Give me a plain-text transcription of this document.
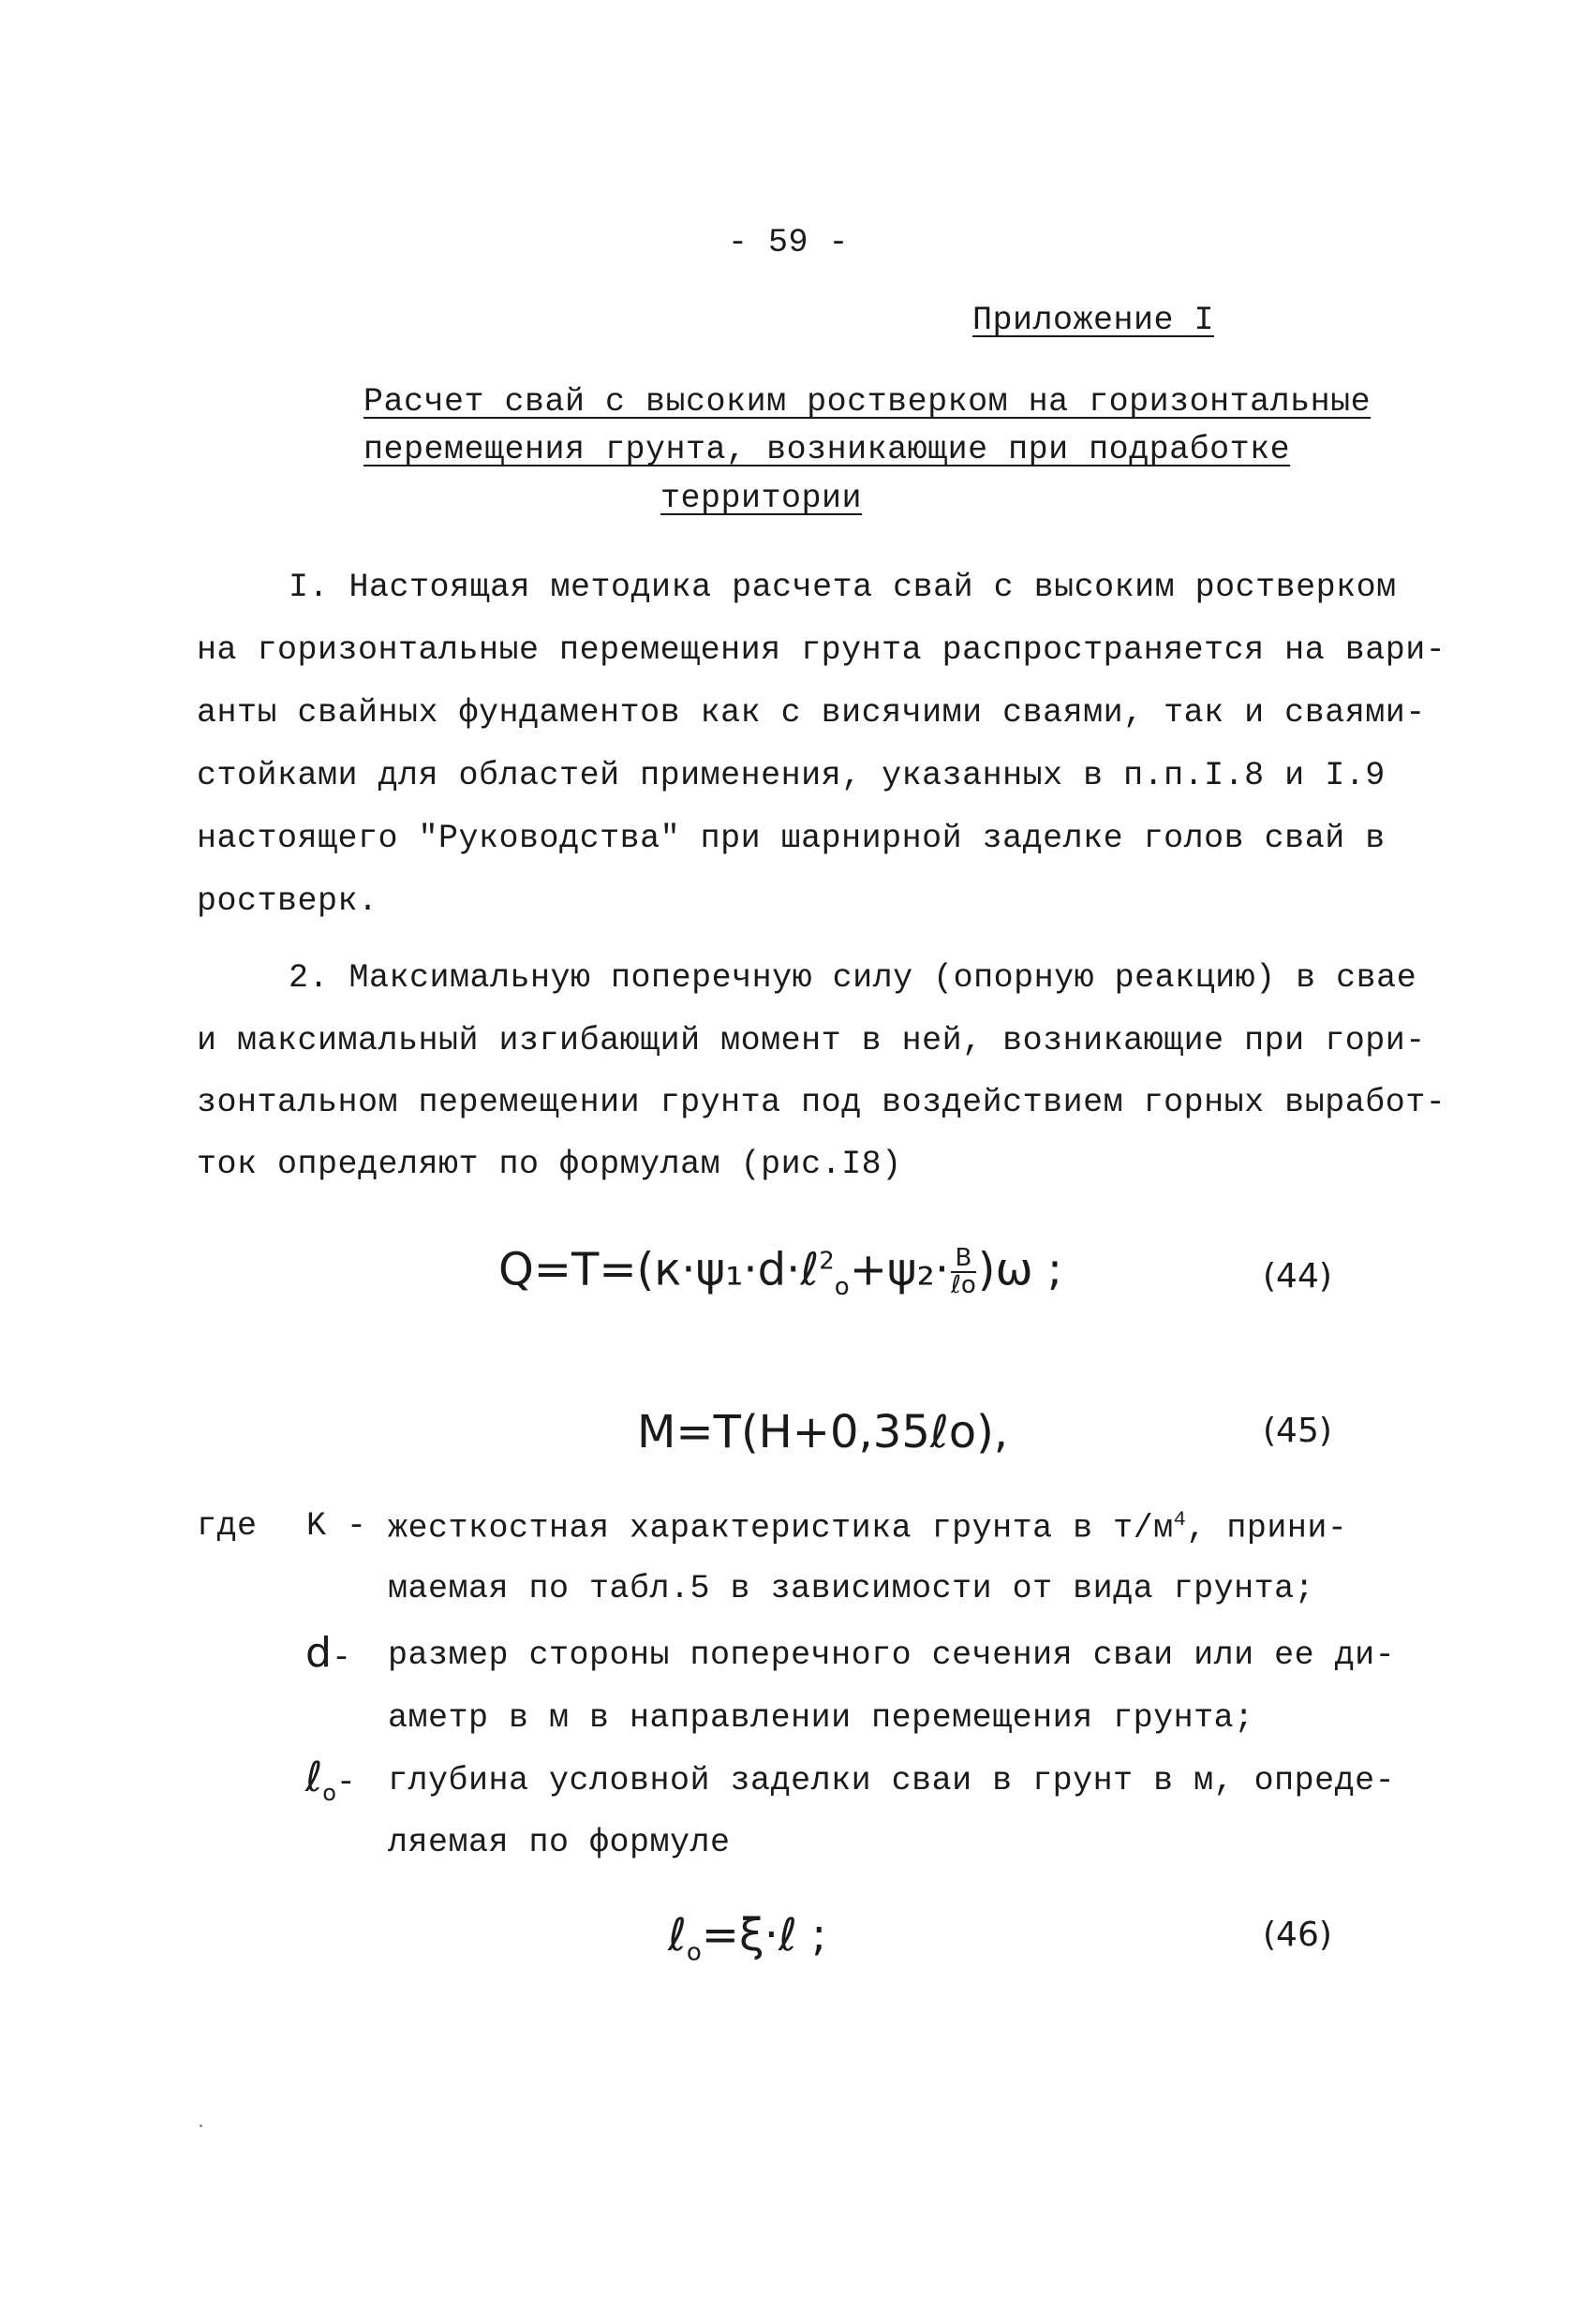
- 59 -
Приложение I
Расчет свай с высоким ростверком на горизонтальные
перемещения грунта, возникающие при подработке
территории
I. Настоящая методика расчета свай с высоким ростверком
на горизонтальные перемещения грунта распространяется на вари-
анты свайных фундаментов как с висячими сваями, так и сваями-
стойками для областей применения, указанных в п.п.I.8 и I.9
настоящего "Руководства" при шарнирной заделке голов свай в
ростверк.
2. Максимальную поперечную силу (опорную реакцию) в свае
и максимальный изгибающий момент в ней, возникающие при гори-
зонтальном перемещении грунта под воздействием горных выработ-
ток определяют по формулам (рис.I8)
Q=T=(к·ψ₁·d·ℓ$^2_o$+ψ₂· $\frac{B}{\text{ℓo}} )\omega$ ;	(44)
M=T(H+0,35ℓo),	(45)
где K - жесткостная характеристика грунта в $т/м^4$, прини-
маемая по табл.5 в зависимости от вида грунта;
d- размер стороны поперечного сечения сваи или ее ди-
аметр в м в направлении перемещения грунта;
ℓ$_o$- глубина условной заделки сваи в грунт в м, опреде-
ляемая по формуле
ℓ$_o$=ξ·ℓ ;	(46)
